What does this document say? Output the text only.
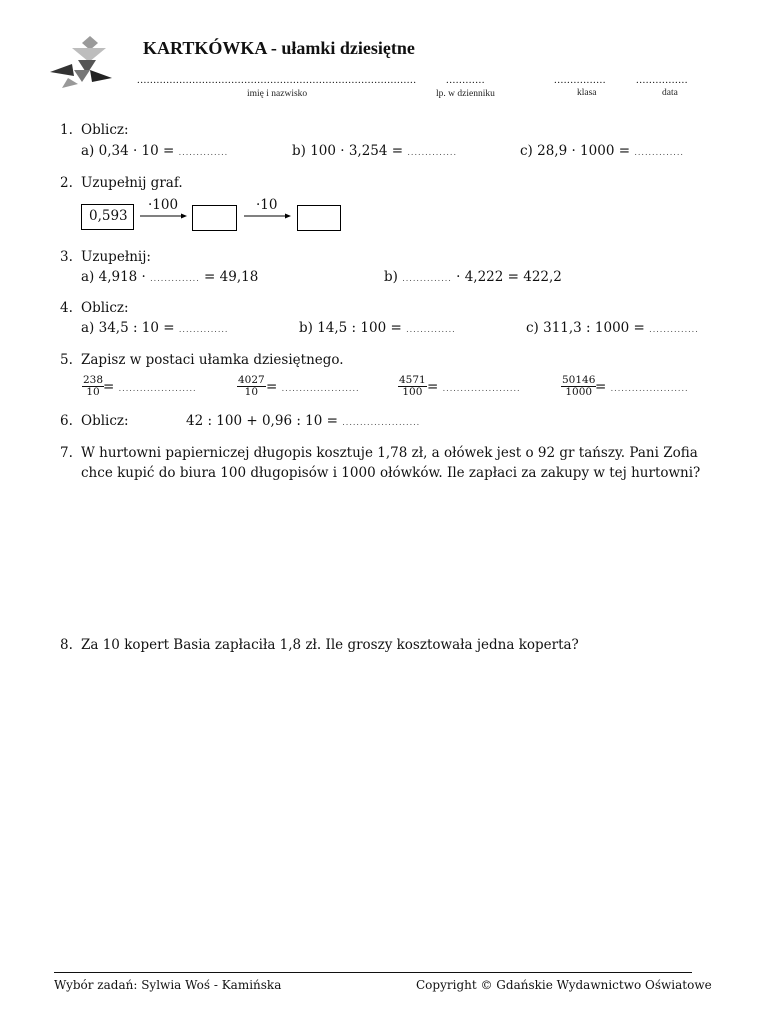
KARTKÓWKA - ułamki dziesiętne
......................................................................................
imię i nazwisko
............
lp. w dzienniku
................
klasa
................
data
1. Oblicz:
a) 0,34 · 10 = ..............	b) 100 · 3,254 = ..............	c) 28,9 · 1000 = ..............
2. Uzupełnij graf.
0,593
·100	·10
3. Uzupełnij:
a) 4,918 · .............. = 49,18	b) .............. · 4,222 = 422,2
4. Oblicz:
a) 34,5 : 10 = ..............	b) 14,5 : 100 = ..............	c) 311,3 : 1000 = ..............
5. Zapisz w postaci ułamka dziesiętnego.
$\frac{238}{10}$
= ......................	$\frac{4027}{10}$ = ......................	$\frac{4571}{100}$ = ......................	$\frac{50146}{1000}$
= ......................
6. Oblicz:	42 : 100 + 0,96 : 10 = ......................
7. W hurtowni papierniczej długopis kosztuje 1,78 zł, a ołówek jest o 92 gr tańszy. Pani Zofia
chce kupić do biura 100 długopisów i 1000 ołówków. Ile zapłaci za zakupy w tej hurtowni?
8. Za 10 kopert Basia zapłaciła 1,8 zł. Ile groszy kosztowała jedna koperta?
Wybór zadań: Sylwia Woś - Kamińska	Copyright © Gdańskie Wydawnictwo Oświatowe
